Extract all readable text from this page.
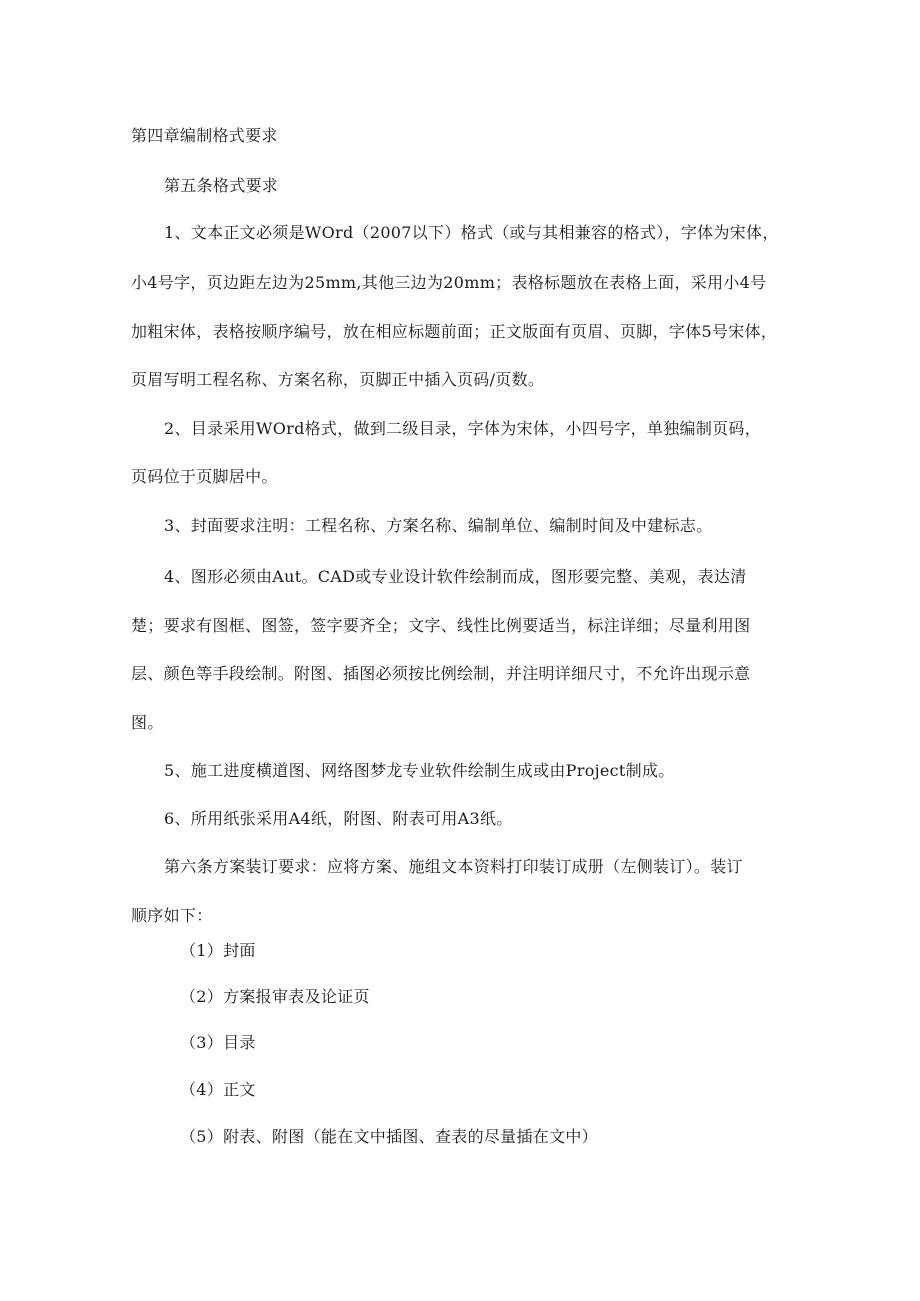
第四章编制格式要求
第五条格式要求
1、文本正文必须是WOrd（2007以下）格式（或与其相兼容的格式），字体为宋体，
小4号字，页边距左边为25mm,其他三边为20mm；表格标题放在表格上面，采用小4号
加粗宋体，表格按顺序编号，放在相应标题前面；正文版面有页眉、页脚，字体5号宋体，
页眉写明工程名称、方案名称，页脚正中插入页码/页数。
2、目录采用WOrd格式，做到二级目录，字体为宋体，小四号字，单独编制页码，
页码位于页脚居中。
3、封面要求注明：工程名称、方案名称、编制单位、编制时间及中建标志。
4、图形必须由Aut。CAD或专业设计软件绘制而成，图形要完整、美观，表达清
楚；要求有图框、图签，签字要齐全；文字、线性比例要适当，标注详细；尽量利用图
层、颜色等手段绘制。附图、插图必须按比例绘制，并注明详细尺寸，不允许出现示意
图。
5、施工进度横道图、网络图梦龙专业软件绘制生成或由Project制成。
6、所用纸张采用A4纸，附图、附表可用A3纸。
第六条方案装订要求：应将方案、施组文本资料打印装订成册（左侧装订）。装订
顺序如下：
（1）封面
（2）方案报审表及论证页
（3）目录
（4）正文
（5）附表、附图（能在文中插图、查表的尽量插在文中）
